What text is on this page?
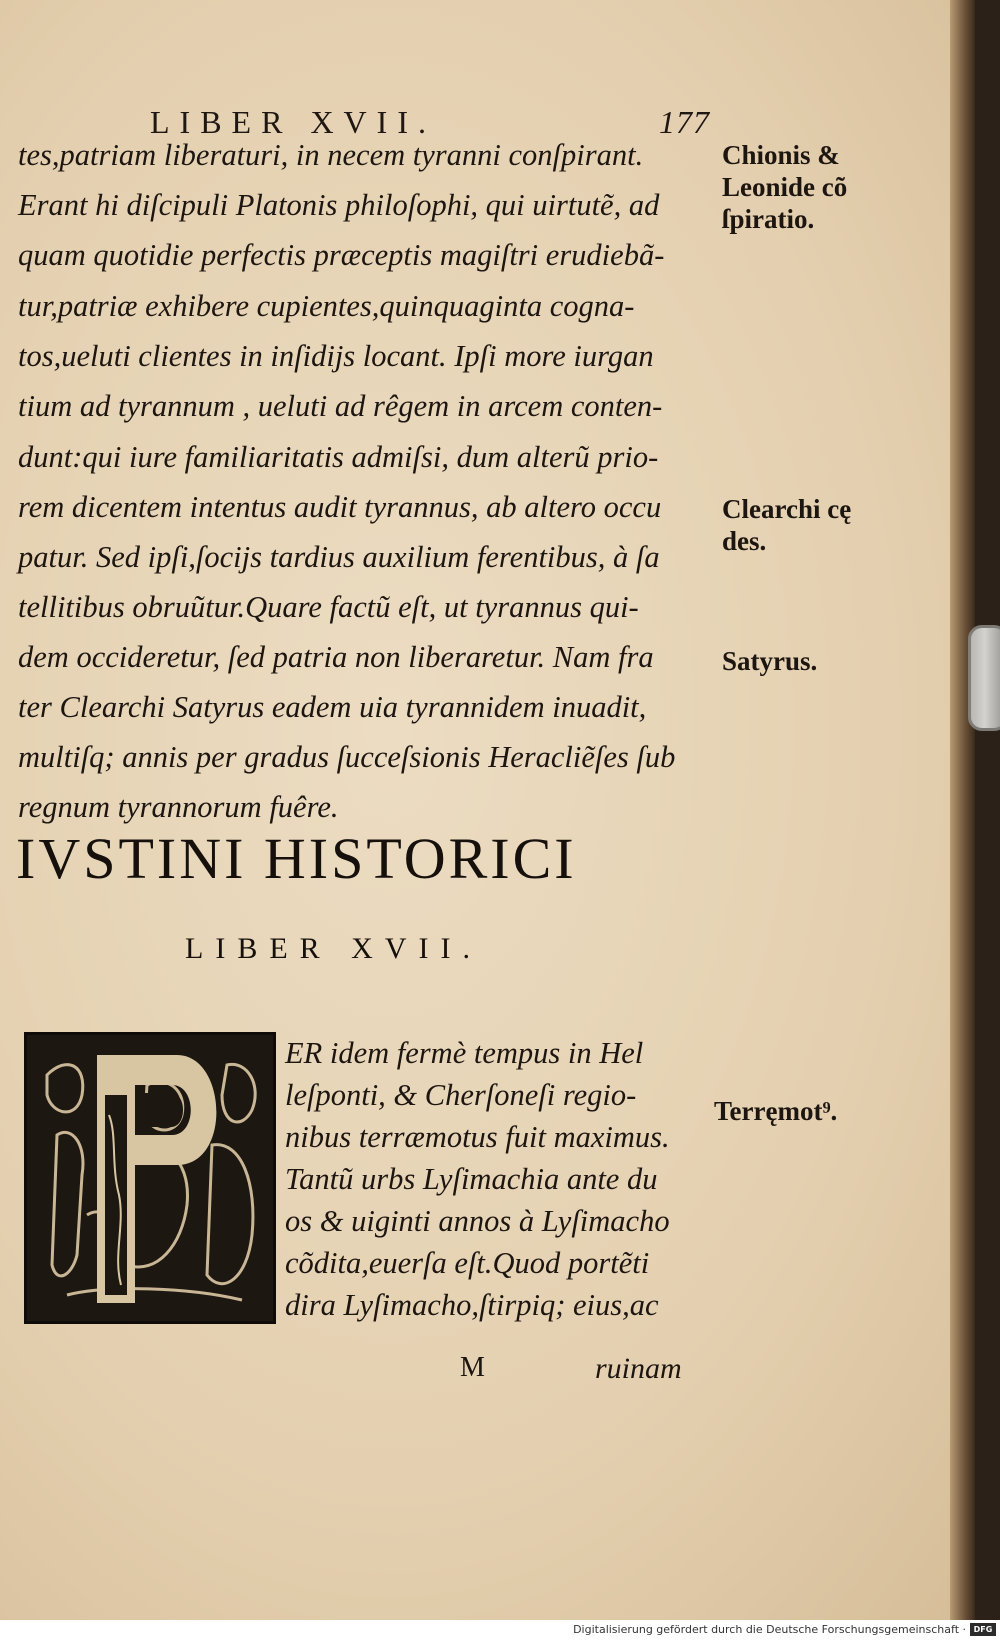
LIBER XVII.	177
tes,patriam liberaturi, in necem tyranni conſpirant.
Erant hi diſcipuli Platonis philoſophi, qui uirtutẽ, ad
quam quotidie perfectis præceptis magiſtri erudiebã-
tur,patriæ exhibere cupientes,quinquaginta cogna-
tos,ueluti clientes in inſidijs locant. Ipſi more iurgan
tium ad tyrannum , ueluti ad rêgem in arcem conten-
dunt:qui iure familiaritatis admiſsi, dum alterũ prio-
rem dicentem intentus audit tyrannus, ab altero occu
patur. Sed ipſi,ſocijs tardius auxilium ferentibus, à ſa
tellitibus obruũtur.Quare factũ eſt, ut tyrannus qui-
dem occideretur, ſed patria non liberaretur. Nam fra
ter Clearchi Satyrus eadem uia tyrannidem inuadit,
multiſq; annis per gradus ſucceſsionis Heracliẽſes ſub
regnum tyrannorum fuêre.
Chionis &
Leonide cõ
ſpiratio.
Clearchi cę
des.
Satyrus.
Terręmot⁹.
IVSTINI HISTORICI
LIBER XVII.
ER idem fermè tempus in Hel
leſponti, & Cherſoneſi regio-
nibus terræmotus fuit maximus.
Tantũ urbs Lyſimachia ante du
os & uiginti annos à Lyſimacho
cõdita,euerſa eſt.Quod portẽti
dira Lyſimacho,ſtirpiq; eius,ac
M	ruinam
Digitalisierung gefördert durch die Deutsche Forschungsgemeinschaft · DFG
